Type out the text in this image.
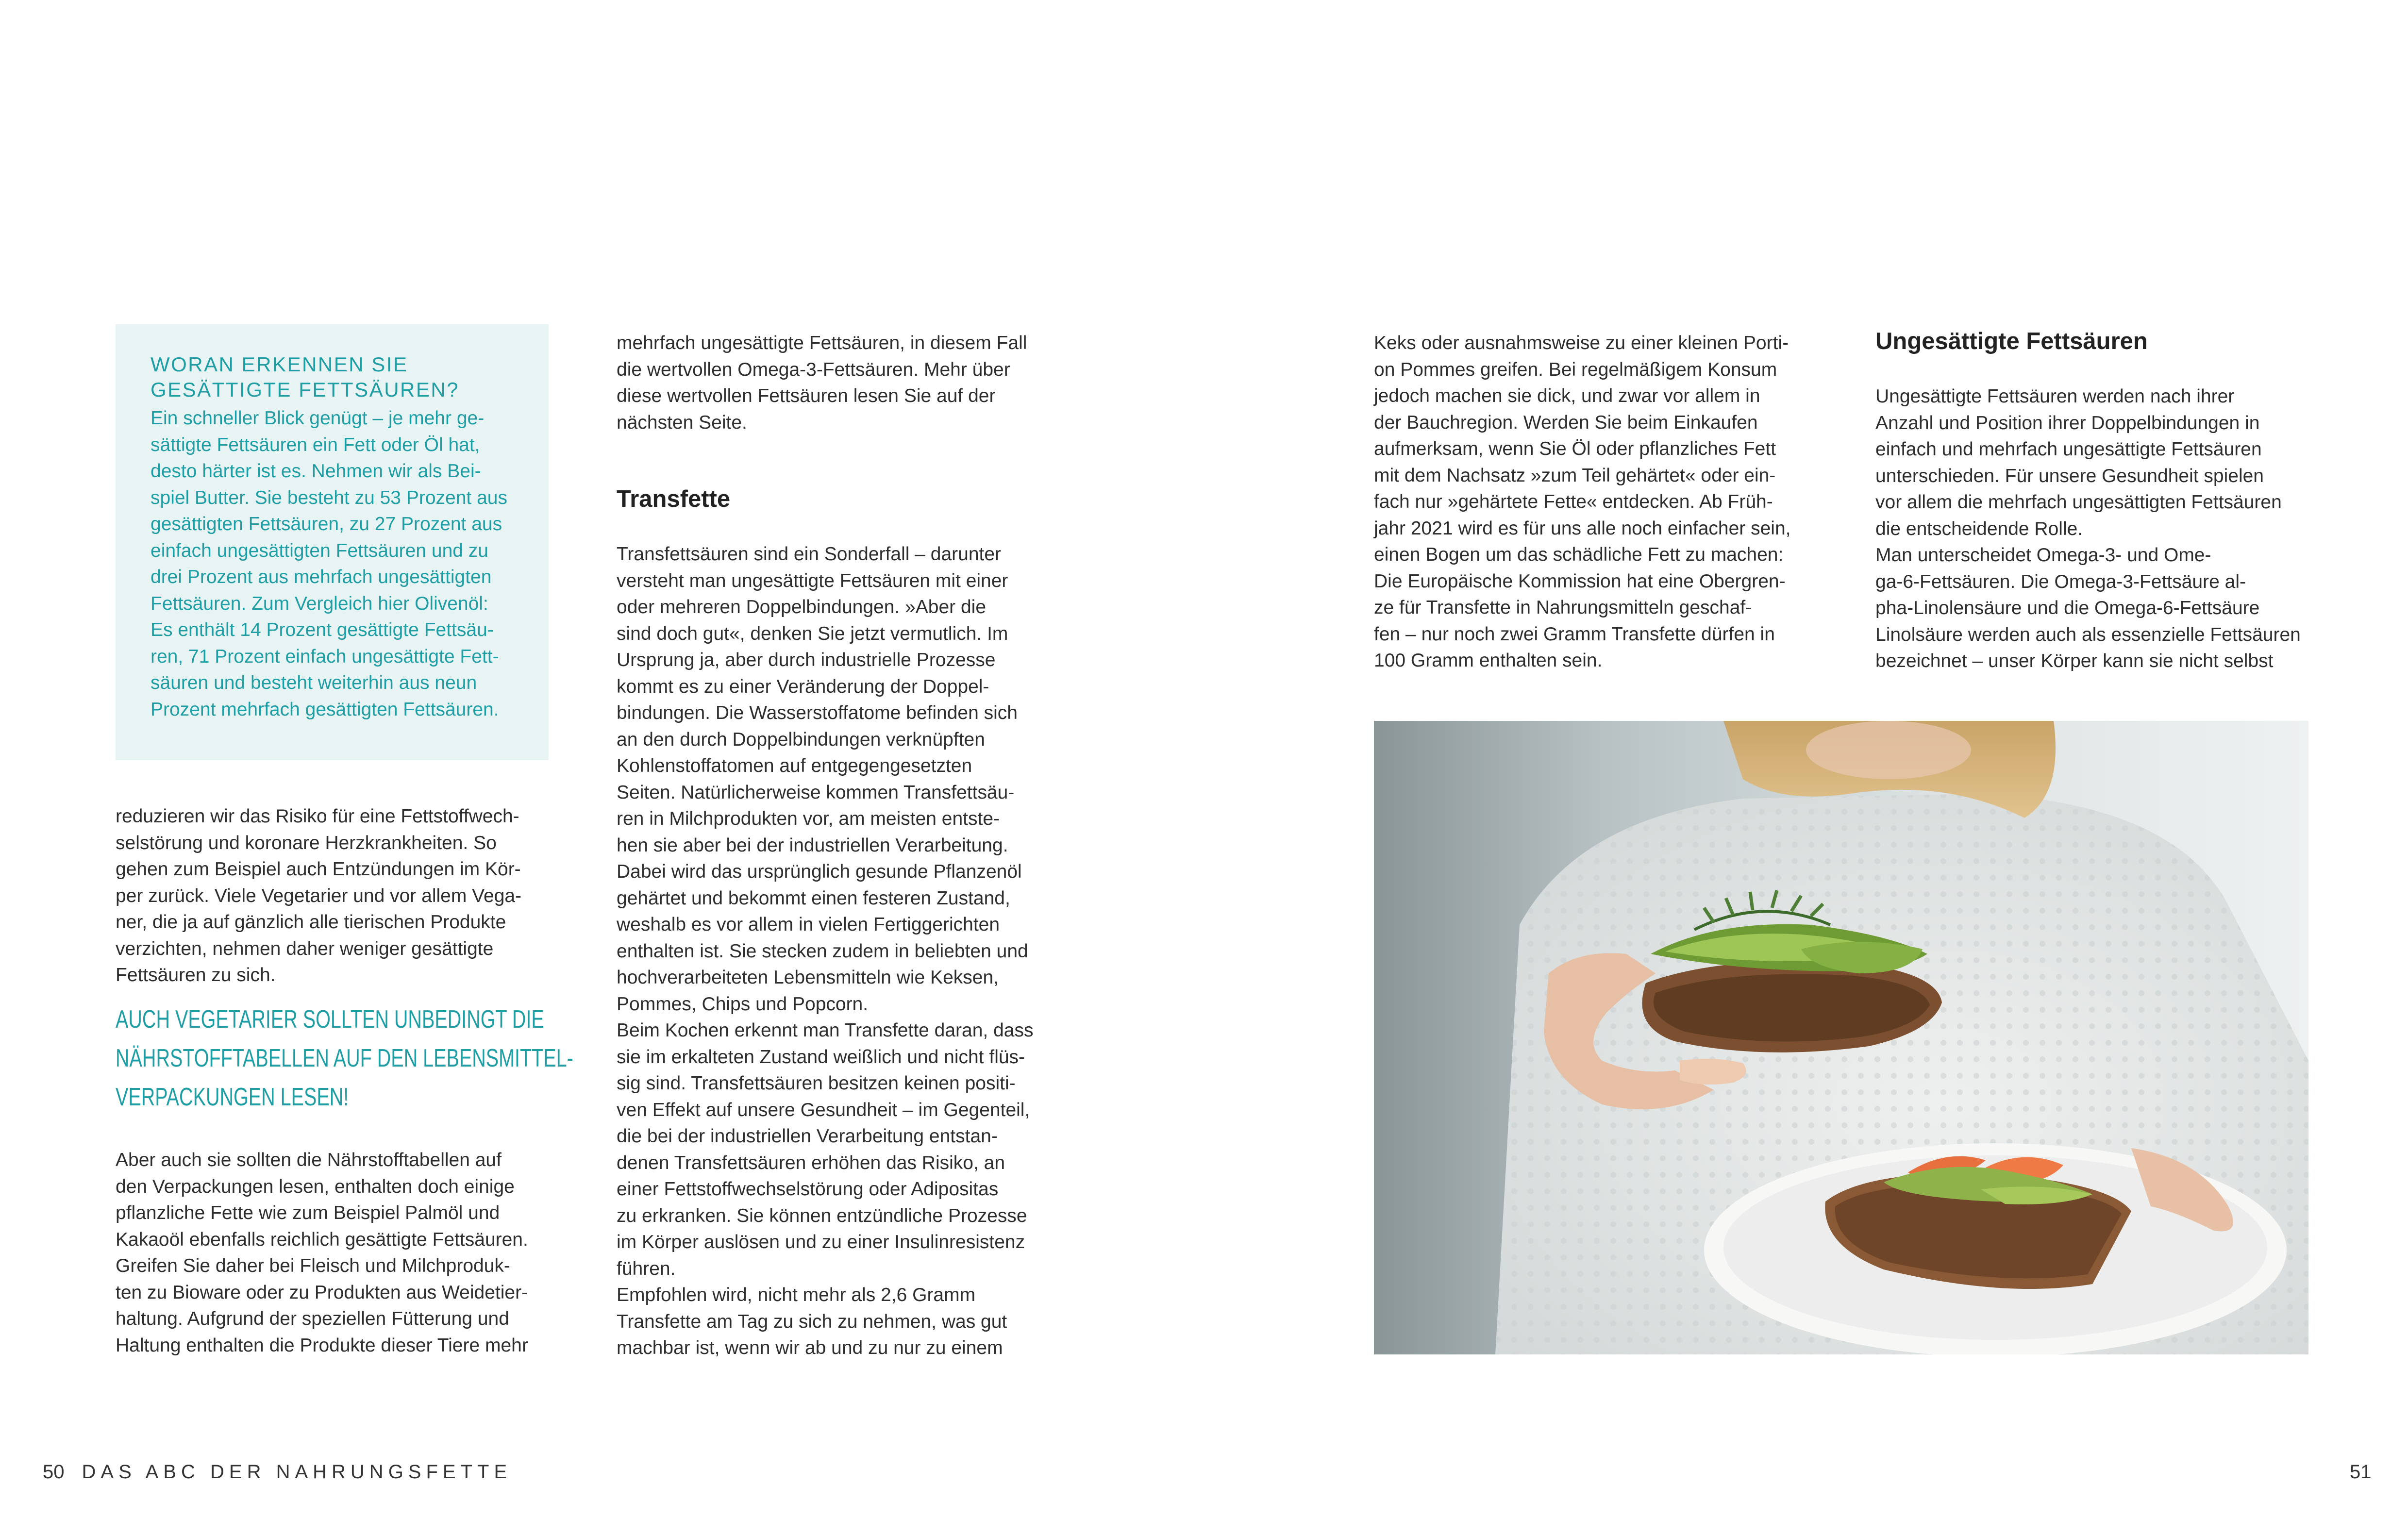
WORAN ERKENNEN SIE
GESÄTTIGTE FETTSÄUREN?

Ein schneller Blick genügt – je mehr ge-
sättigte Fettsäuren ein Fett oder Öl hat,
desto härter ist es. Nehmen wir als Bei-
spiel Butter. Sie besteht zu 53 Prozent aus
gesättigten Fettsäuren, zu 27 Prozent aus
einfach ungesättigten Fettsäuren und zu
drei Prozent aus mehrfach ungesättigten
Fettsäuren. Zum Vergleich hier Olivenöl:
Es enthält 14 Prozent gesättigte Fettsäu-
ren, 71 Prozent einfach ungesättigte Fett-
säuren und besteht weiterhin aus neun
Prozent mehrfach gesättigten Fettsäuren.
reduzieren wir das Risiko für eine Fettstoffwech-
selstörung und koronare Herzkrankheiten. So
gehen zum Beispiel auch Entzündungen im Kör-
per zurück. Viele Vegetarier und vor allem Vega-
ner, die ja auf gänzlich alle tierischen Produkte
verzichten, nehmen daher weniger gesättigte
Fettsäuren zu sich.
AUCH VEGETARIER SOLLTEN UNBEDINGT DIE
NÄHRSTOFFTABELLEN AUF DEN LEBENSMITTEL-
VERPACKUNGEN LESEN!
Aber auch sie sollten die Nährstofftabellen auf
den Verpackungen lesen, enthalten doch einige
pflanzliche Fette wie zum Beispiel Palmöl und
Kakaoöl ebenfalls reichlich gesättigte Fettsäuren.
Greifen Sie daher bei Fleisch und Milchproduk-
ten zu Bioware oder zu Produkten aus Weidetier-
haltung. Aufgrund der speziellen Fütterung und
Haltung enthalten die Produkte dieser Tiere mehr
mehrfach ungesättigte Fettsäuren, in diesem Fall
die wertvollen Omega-3-Fettsäuren. Mehr über
diese wertvollen Fettsäuren lesen Sie auf der
nächsten Seite.
Transfette
Transfettsäuren sind ein Sonderfall – darunter
versteht man ungesättigte Fettsäuren mit einer
oder mehreren Doppelbindungen. »Aber die
sind doch gut«, denken Sie jetzt vermutlich. Im
Ursprung ja, aber durch industrielle Prozesse
kommt es zu einer Veränderung der Doppel-
bindungen. Die Wasserstoffatome befinden sich
an den durch Doppelbindungen verknüpften
Kohlenstoffatomen auf entgegengesetzten
Seiten. Natürlicherweise kommen Transfettsäu-
ren in Milchprodukten vor, am meisten entste-
hen sie aber bei der industriellen Verarbeitung.
Dabei wird das ursprünglich gesunde Pflanzenöl
gehärtet und bekommt einen festeren Zustand,
weshalb es vor allem in vielen Fertiggerichten
enthalten ist. Sie stecken zudem in beliebten und
hochverarbeiteten Lebensmitteln wie Keksen,
Pommes, Chips und Popcorn.
Beim Kochen erkennt man Transfette daran, dass
sie im erkalteten Zustand weißlich und nicht flüs-
sig sind. Transfettsäuren besitzen keinen positi-
ven Effekt auf unsere Gesundheit – im Gegenteil,
die bei der industriellen Verarbeitung entstan-
denen Transfettsäuren erhöhen das Risiko, an
einer Fettstoffwechselstörung oder Adipositas
zu erkranken. Sie können entzündliche Prozesse
im Körper auslösen und zu einer Insulinresistenz
führen.
Empfohlen wird, nicht mehr als 2,6 Gramm
Transfette am Tag zu sich zu nehmen, was gut
machbar ist, wenn wir ab und zu nur zu einem
50 DAS ABC DER NAHRUNGSFETTE
Keks oder ausnahmsweise zu einer kleinen Porti-
on Pommes greifen. Bei regelmäßigem Konsum
jedoch machen sie dick, und zwar vor allem in
der Bauchregion. Werden Sie beim Einkaufen
aufmerksam, wenn Sie Öl oder pflanzliches Fett
mit dem Nachsatz »zum Teil gehärtet« oder ein-
fach nur »gehärtete Fette« entdecken. Ab Früh-
jahr 2021 wird es für uns alle noch einfacher sein,
einen Bogen um das schädliche Fett zu machen:
Die Europäische Kommission hat eine Obergren-
ze für Transfette in Nahrungsmitteln geschaf-
fen – nur noch zwei Gramm Transfette dürfen in
100 Gramm enthalten sein.
Ungesättigte Fettsäuren
Ungesättigte Fettsäuren werden nach ihrer
Anzahl und Position ihrer Doppelbindungen in
einfach und mehrfach ungesättigte Fettsäuren
unterschieden. Für unsere Gesundheit spielen
vor allem die mehrfach ungesättigten Fettsäuren
die entscheidende Rolle.
Man unterscheidet Omega-3- und Ome-
ga-6-Fettsäuren. Die Omega-3-Fettsäure al-
pha-Linolensäure und die Omega-6-Fettsäure
Linolsäure werden auch als essenzielle Fettsäuren
bezeichnet – unser Körper kann sie nicht selbst
51
